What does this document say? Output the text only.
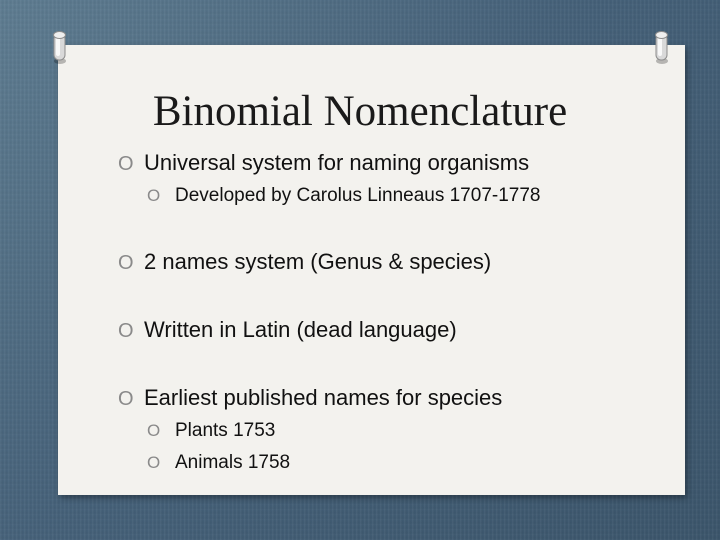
Binomial Nomenclature
O Universal system for naming organisms
O Developed by Carolus Linneaus 1707-1778
O 2 names system (Genus & species)
O Written in Latin (dead language)
O Earliest published names for species
O Plants 1753
O Animals 1758
